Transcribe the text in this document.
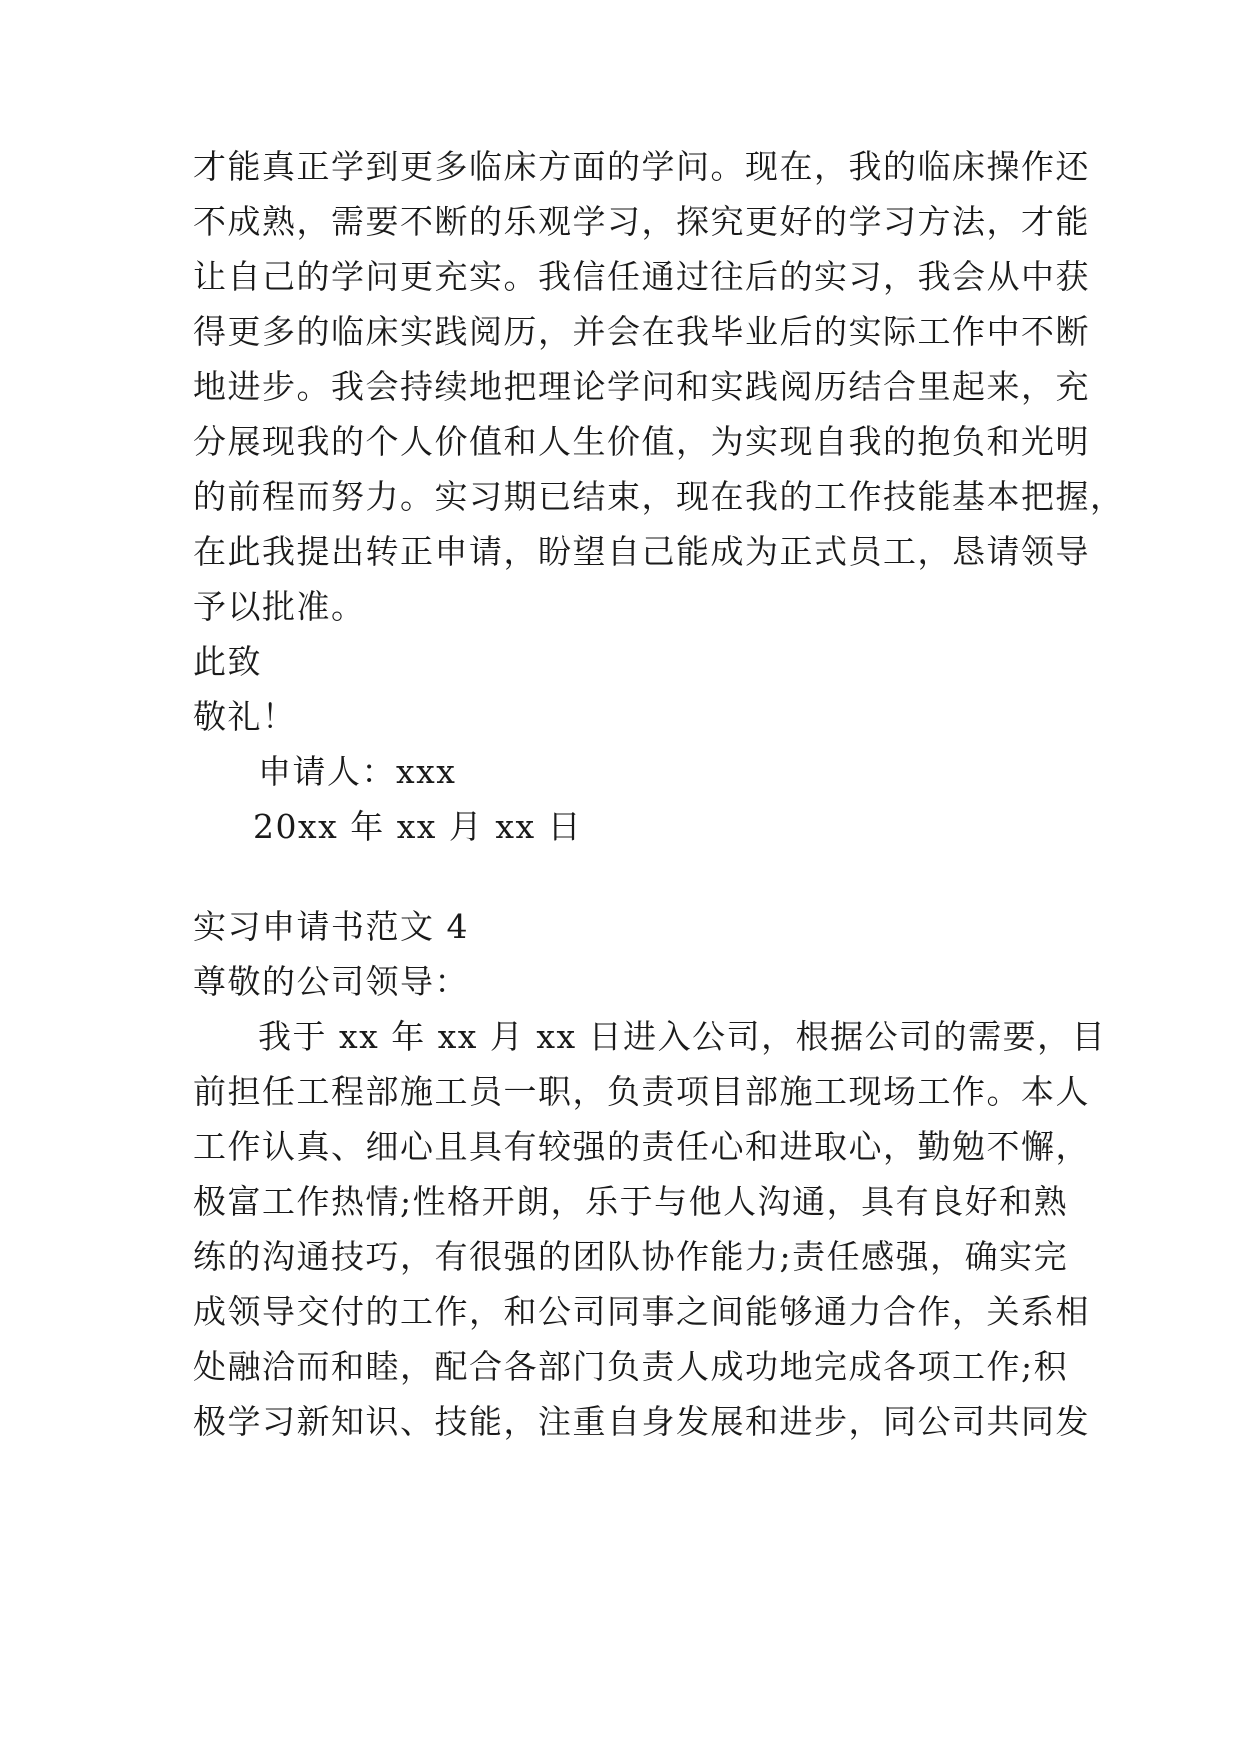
才能真正学到更多临床方面的学问。现在，我的临床操作还
不成熟，需要不断的乐观学习，探究更好的学习方法，才能
让自己的学问更充实。我信任通过往后的实习，我会从中获
得更多的临床实践阅历，并会在我毕业后的实际工作中不断
地进步。我会持续地把理论学问和实践阅历结合里起来，充
分展现我的个人价值和人生价值，为实现自我的抱负和光明
的前程而努力。实习期已结束，现在我的工作技能基本把握，
在此我提出转正申请，盼望自己能成为正式员工，恳请领导
予以批准。
此致
敬礼！
申请人：xxx
20xx 年 xx 月 xx 日
实习申请书范文 4
尊敬的公司领导：
我于 xx 年 xx 月 xx 日进入公司，根据公司的需要，目
前担任工程部施工员一职，负责项目部施工现场工作。本人
工作认真、细心且具有较强的责任心和进取心，勤勉不懈，
极富工作热情;性格开朗，乐于与他人沟通，具有良好和熟
练的沟通技巧，有很强的团队协作能力;责任感强，确实完
成领导交付的工作，和公司同事之间能够通力合作，关系相
处融洽而和睦，配合各部门负责人成功地完成各项工作;积
极学习新知识、技能，注重自身发展和进步，同公司共同发
